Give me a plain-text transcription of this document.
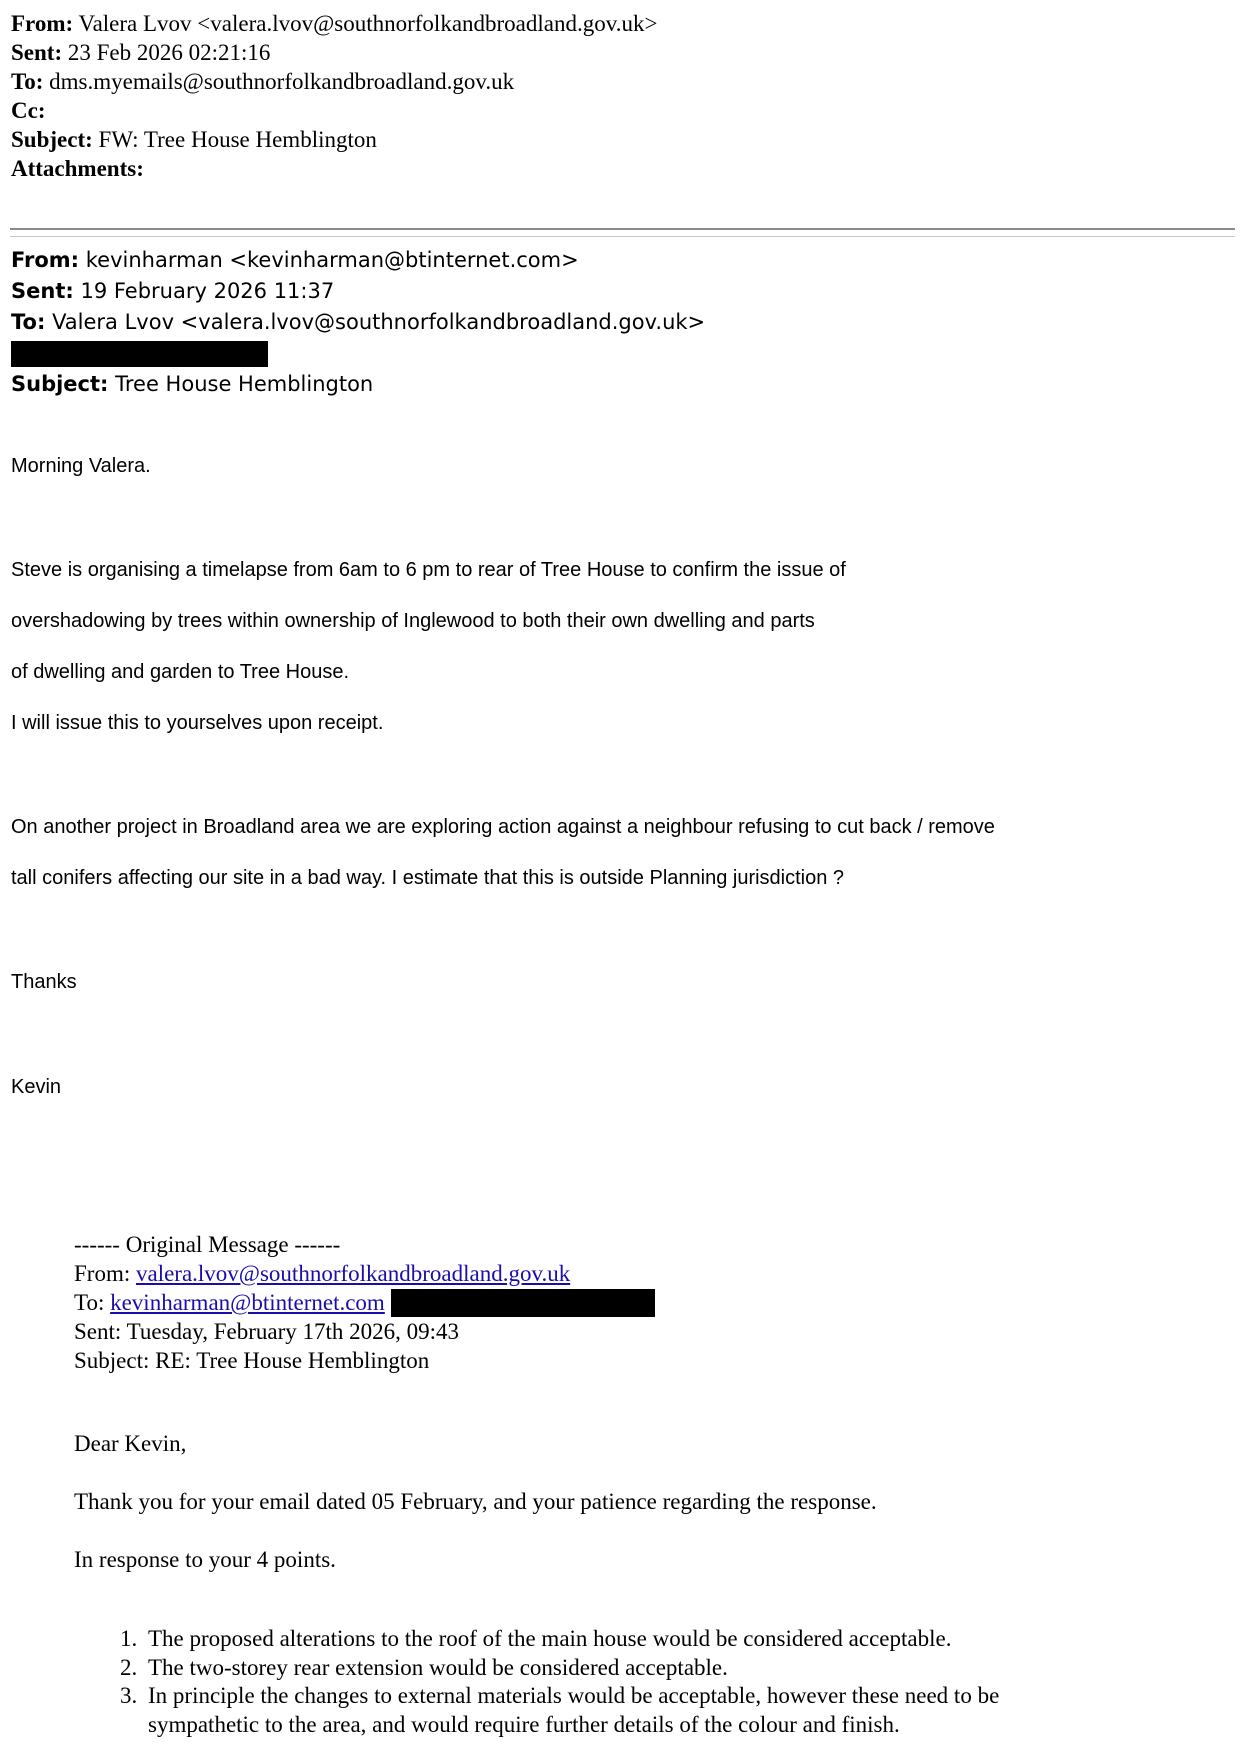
From: Valera Lvov <valera.lvov@southnorfolkandbroadland.gov.uk>
Sent: 23 Feb 2026 02:21:16
To: dms.myemails@southnorfolkandbroadland.gov.uk
Cc:
Subject: FW: Tree House Hemblington
Attachments:
From: kevinharman <kevinharman@btinternet.com>
Sent: 19 February 2026 11:37
To: Valera Lvov <valera.lvov@southnorfolkandbroadland.gov.uk>
Subject: Tree House Hemblington
Morning Valera.
Steve is organising a timelapse from 6am to 6 pm to rear of Tree House to confirm the issue of
overshadowing by trees within ownership of Inglewood to both their own dwelling and parts
of dwelling and garden to Tree House.
I will issue this to yourselves upon receipt.
On another project in Broadland area we are exploring action against a neighbour refusing to cut back / remove
tall conifers affecting our site in a bad way. I estimate that this is outside Planning jurisdiction ?
Thanks
Kevin
------ Original Message ------
From: valera.lvov@southnorfolkandbroadland.gov.uk
To: kevinharman@btinternet.com
Sent: Tuesday, February 17th 2026, 09:43
Subject: RE: Tree House Hemblington
Dear Kevin,
Thank you for your email dated 05 February, and your patience regarding the response.
In response to your 4 points.
1. The proposed alterations to the roof of the main house would be considered acceptable.
2. The two-storey rear extension would be considered acceptable.
3. In principle the changes to external materials would be acceptable, however these need to be
sympathetic to the area, and would require further details of the colour and finish.
